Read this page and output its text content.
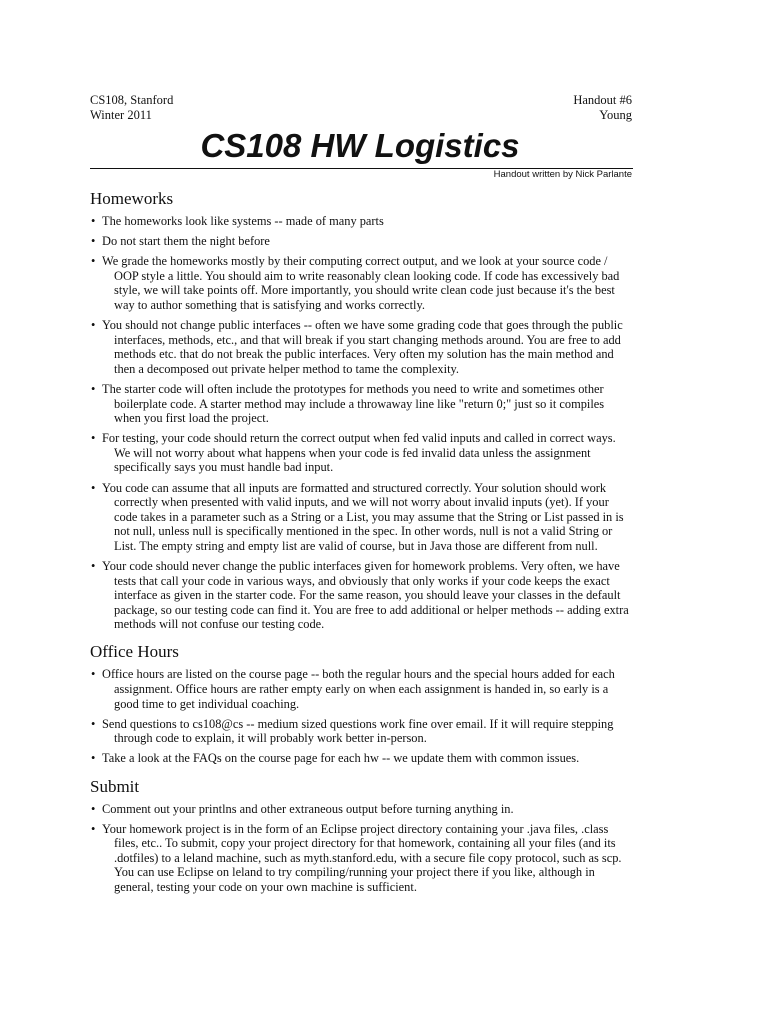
CS108, Stanford
Winter 2011
Handout #6
Young
CS108 HW Logistics
Handout written by Nick Parlante
Homeworks
• The homeworks look like systems -- made of many parts
• Do not start them the night before
• We grade the homeworks mostly by their computing correct output, and we look at your source code / OOP style a little. You should aim to write reasonably clean looking code. If code has excessively bad style, we will take points off. More importantly, you should write clean code just because it's the best way to author something that is satisfying and works correctly.
• You should not change public interfaces -- often we have some grading code that goes through the public interfaces, methods, etc., and that will break if you start changing methods around. You are free to add methods etc. that do not break the public interfaces. Very often my solution has the main method and then a decomposed out private helper method to tame the complexity.
• The starter code will often include the prototypes for methods you need to write and sometimes other boilerplate code. A starter method may include a throwaway line like "return 0;" just so it compiles when you first load the project.
• For testing, your code should return the correct output when fed valid inputs and called in correct ways. We will not worry about what happens when your code is fed invalid data unless the assignment specifically says you must handle bad input.
• You code can assume that all inputs are formatted and structured correctly. Your solution should work correctly when presented with valid inputs, and we will not worry about invalid inputs (yet). If your code takes in a parameter such as a String or a List, you may assume that the String or List passed in is not null, unless null is specifically mentioned in the spec. In other words, null is not a valid String or List. The empty string and empty list are valid of course, but in Java those are different from null.
• Your code should never change the public interfaces given for homework problems. Very often, we have tests that call your code in various ways, and obviously that only works if your code keeps the exact interface as given in the starter code. For the same reason, you should leave your classes in the default package, so our testing code can find it. You are free to add additional or helper methods -- adding extra methods will not confuse our testing code.
Office Hours
• Office hours are listed on the course page -- both the regular hours and the special hours added for each assignment. Office hours are rather empty early on when each assignment is handed in, so early is a good time to get individual coaching.
• Send questions to cs108@cs -- medium sized questions work fine over email. If it will require stepping through code to explain, it will probably work better in-person.
• Take a look at the FAQs on the course page for each hw -- we update them with common issues.
Submit
• Comment out your printlns and other extraneous output before turning anything in.
• Your homework project is in the form of an Eclipse project directory containing your .java files, .class files, etc.. To submit, copy your project directory for that homework, containing all your files (and its .dotfiles) to a leland machine, such as myth.stanford.edu, with a secure file copy protocol, such as scp. You can use Eclipse on leland to try compiling/running your project there if you like, although in general, testing your code on your own machine is sufficient.
